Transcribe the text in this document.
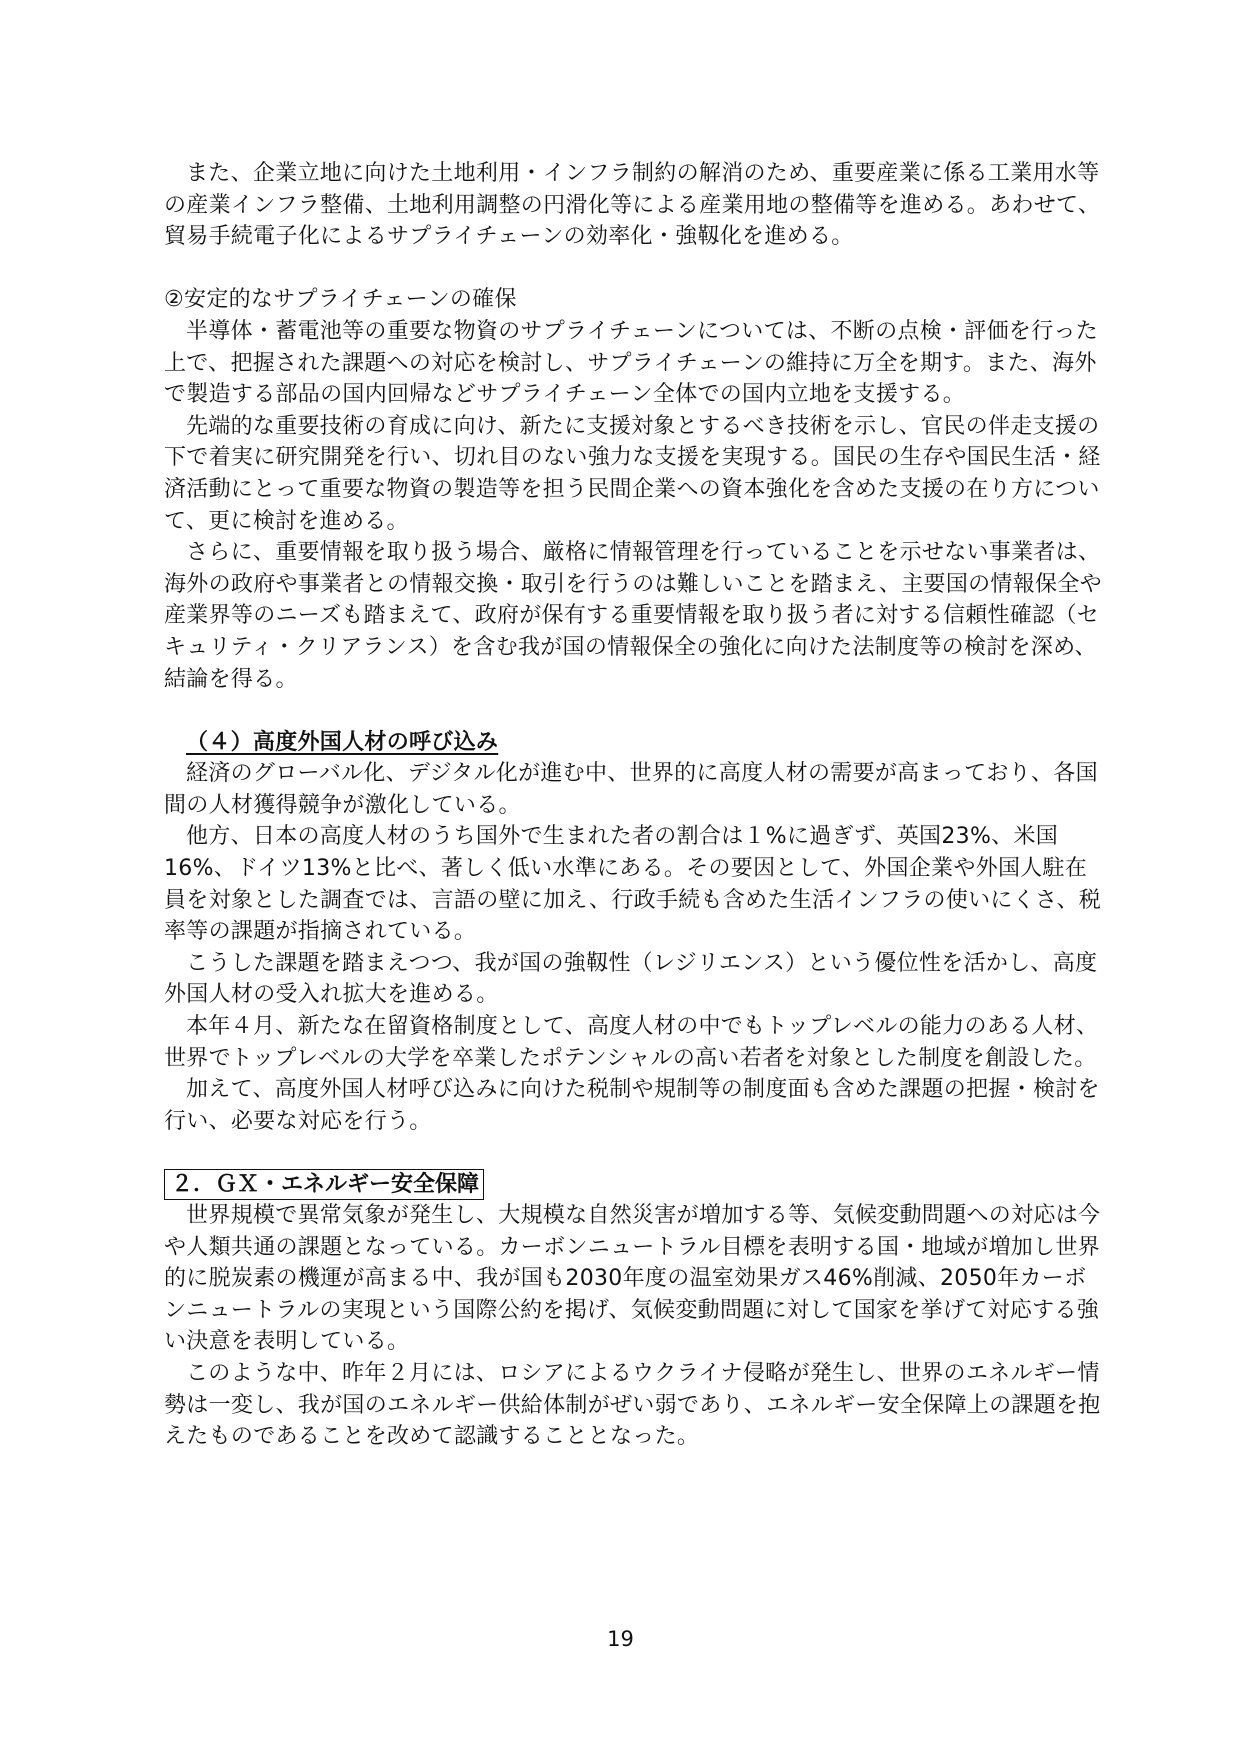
また、企業立地に向けた土地利用・インフラ制約の解消のため、重要産業に係る工業用水等の産業インフラ整備、土地利用調整の円滑化等による産業用地の整備等を進める。あわせて、貿易手続電子化によるサプライチェーンの効率化・強靱化を進める。

②安定的なサプライチェーンの確保

半導体・蓄電池等の重要な物資のサプライチェーンについては、不断の点検・評価を行った上で、把握された課題への対応を検討し、サプライチェーンの維持に万全を期す。また、海外で製造する部品の国内回帰などサプライチェーン全体での国内立地を支援する。

先端的な重要技術の育成に向け、新たに支援対象とするべき技術を示し、官民の伴走支援の下で着実に研究開発を行い、切れ目のない強力な支援を実現する。国民の生存や国民生活・経済活動にとって重要な物資の製造等を担う民間企業への資本強化を含めた支援の在り方について、更に検討を進める。

さらに、重要情報を取り扱う場合、厳格に情報管理を行っていることを示せない事業者は、海外の政府や事業者との情報交換・取引を行うのは難しいことを踏まえ、主要国の情報保全や産業界等のニーズも踏まえて、政府が保有する重要情報を取り扱う者に対する信頼性確認（セキュリティ・クリアランス）を含む我が国の情報保全の強化に向けた法制度等の検討を深め、結論を得る。

（４）高度外国人材の呼び込み

経済のグローバル化、デジタル化が進む中、世界的に高度人材の需要が高まっており、各国間の人材獲得競争が激化している。

他方、日本の高度人材のうち国外で生まれた者の割合は１%に過ぎず、英国23%、米国16%、ドイツ13%と比べ、著しく低い水準にある。その要因として、外国企業や外国人駐在員を対象とした調査では、言語の壁に加え、行政手続も含めた生活インフラの使いにくさ、税率等の課題が指摘されている。

こうした課題を踏まえつつ、我が国の強靱性（レジリエンス）という優位性を活かし、高度外国人材の受入れ拡大を進める。

本年４月、新たな在留資格制度として、高度人材の中でもトップレベルの能力のある人材、世界でトップレベルの大学を卒業したポテンシャルの高い若者を対象とした制度を創設した。

加えて、高度外国人材呼び込みに向けた税制や規制等の制度面も含めた課題の把握・検討を行い、必要な対応を行う。

２．ＧＸ・エネルギー安全保障

世界規模で異常気象が発生し、大規模な自然災害が増加する等、気候変動問題への対応は今や人類共通の課題となっている。カーボンニュートラル目標を表明する国・地域が増加し世界的に脱炭素の機運が高まる中、我が国も2030年度の温室効果ガス46%削減、2050年カーボンニュートラルの実現という国際公約を掲げ、気候変動問題に対して国家を挙げて対応する強い決意を表明している。

このような中、昨年２月には、ロシアによるウクライナ侵略が発生し、世界のエネルギー情勢は一変し、我が国のエネルギー供給体制がぜい弱であり、エネルギー安全保障上の課題を抱えたものであることを改めて認識することとなった。

19
